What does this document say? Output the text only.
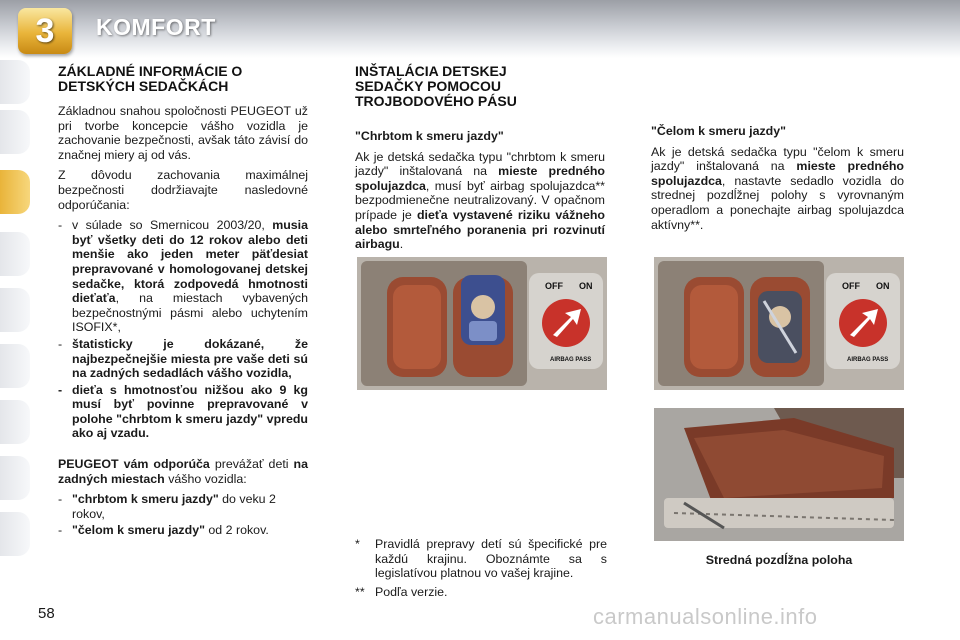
3	KOMFORT
ZÁKLADNÉ INFORMÁCIE O DETSKÝCH SEDAČKÁCH

Základnou snahou spoločnosti PEUGEOT už pri tvorbe koncepcie vášho vozidla je zachovanie bezpečnosti, avšak táto závisí do značnej miery aj od vás.

Z dôvodu zachovania maximálnej bezpečnosti dodržiavajte nasledovné odporúčania:

- v súlade so Smernicou 2003/20, musia byť všetky deti do 12 rokov alebo deti menšie ako jeden meter päťdesiat prepravované v homologovanej detskej sedačke, ktorá zodpovedá hmotnosti dieťaťa, na miestach vybavených bezpečnostnými pásmi alebo uchytením ISOFIX*,
- štatisticky je dokázané, že najbezpečnejšie miesta pre vaše deti sú na zadných sedadlách vášho vozidla,
- dieťa s hmotnosťou nižšou ako 9 kg musí byť povinne prepravované v polohe "chrbtom k smeru jazdy" vpredu ako aj vzadu.

PEUGEOT vám odporúča prevážať deti na zadných miestach vášho vozidla:

- "chrbtom k smeru jazdy" do veku 2 rokov,
- "čelom k smeru jazdy" od 2 rokov.
INŠTALÁCIA DETSKEJ SEDAČKY POMOCOU TROJBODOVÉHO PÁSU
"Chrbtom k smeru jazdy"

Ak je detská sedačka typu "chrbtom k smeru jazdy" inštalovaná na mieste predného spolujazdca, musí byť airbag spolujazdca** bezpodmienečne neutralizovaný. V opačnom prípade je dieťa vystavené riziku vážneho alebo smrteľného poranenia pri rozvinutí airbagu.

"Čelom k smeru jazdy"

Ak je detská sedačka typu "čelom k smeru jazdy" inštalovaná na mieste predného spolujazdca, nastavte sedadlo vozidla do strednej pozdĺžnej polohy s vyrovnaným operadlom a ponechajte airbag spolujazdca aktívny**.

OFF ON
AIRBAG PASS
OFF ON
AIRBAG PASS
Stredná pozdĺžna poloha
*	Pravidlá prepravy detí sú špecifické pre každú krajinu. Oboznámte sa s legislatívou platnou vo vašej krajine.
** Podľa verzie.
58	carmanualsonline.info
